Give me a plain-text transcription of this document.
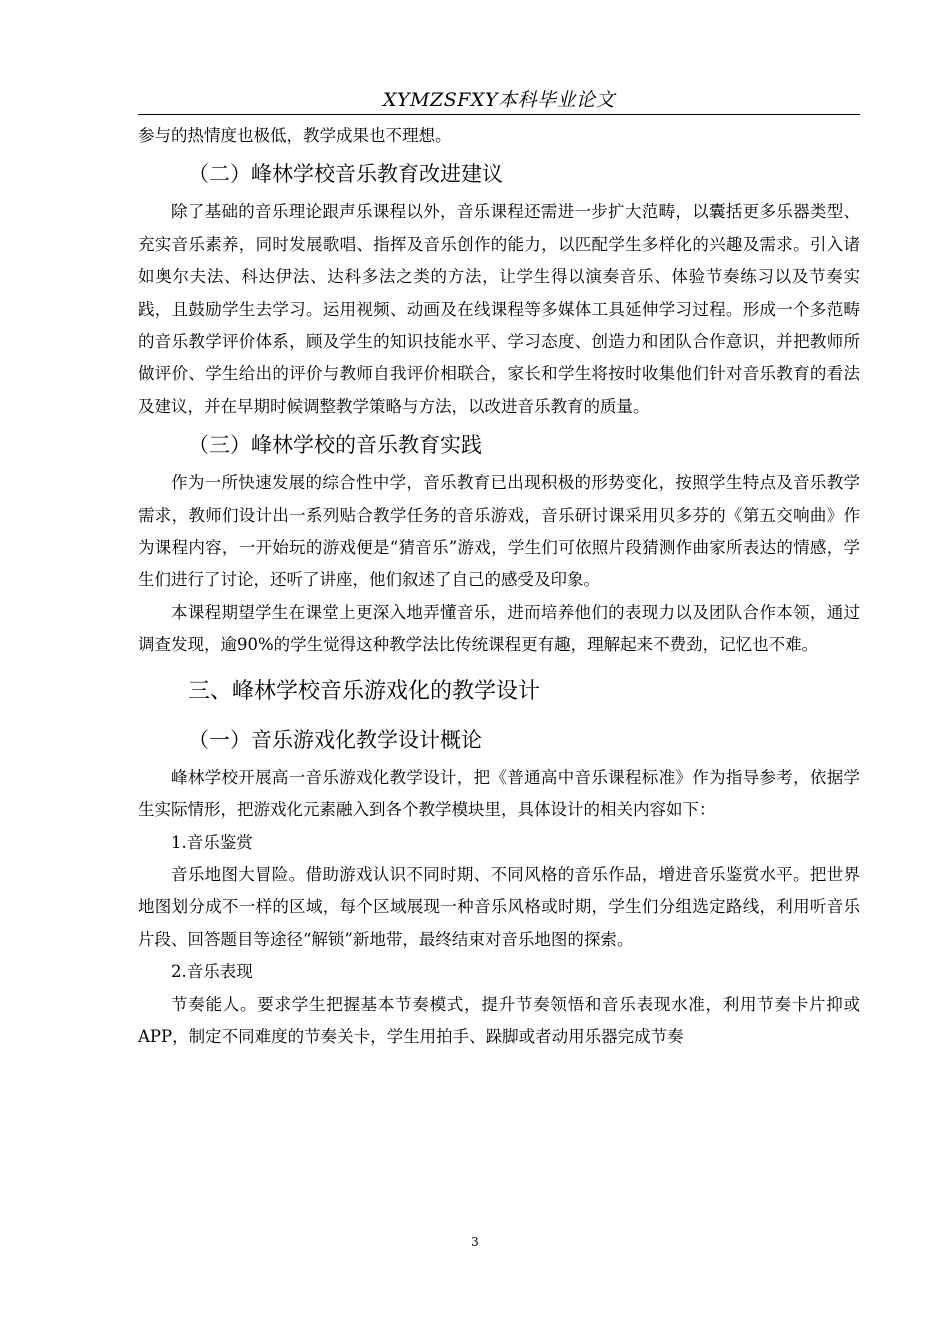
XYMZSFXY本科毕业论文

参与的热情度也极低，教学成果也不理想。

（二）峰林学校音乐教育改进建议

除了基础的音乐理论跟声乐课程以外，音乐课程还需进一步扩大范畴，以囊括更多乐器类型、充实音乐素养，同时发展歌唱、指挥及音乐创作的能力，以匹配学生多样化的兴趣及需求。引入诸如奥尔夫法、科达伊法、达科多法之类的方法，让学生得以演奏音乐、体验节奏练习以及节奏实践，且鼓励学生去学习。运用视频、动画及在线课程等多媒体工具延伸学习过程。形成一个多范畴的音乐教学评价体系，顾及学生的知识技能水平、学习态度、创造力和团队合作意识，并把教师所做评价、学生给出的评价与教师自我评价相联合，家长和学生将按时收集他们针对音乐教育的看法及建议，并在早期时候调整教学策略与方法，以改进音乐教育的质量。

（三）峰林学校的音乐教育实践

作为一所快速发展的综合性中学，音乐教育已出现积极的形势变化，按照学生特点及音乐教学需求，教师们设计出一系列贴合教学任务的音乐游戏，音乐研讨课采用贝多芬的《第五交响曲》作为课程内容，一开始玩的游戏便是“猜音乐”游戏，学生们可依照片段猜测作曲家所表达的情感，学生们进行了讨论，还听了讲座，他们叙述了自己的感受及印象。

本课程期望学生在课堂上更深入地弄懂音乐，进而培养他们的表现力以及团队合作本领，通过调查发现，逾90%的学生觉得这种教学法比传统课程更有趣，理解起来不费劲，记忆也不难。

三、峰林学校音乐游戏化的教学设计
（一）音乐游戏化教学设计概论

峰林学校开展高一音乐游戏化教学设计，把《普通高中音乐课程标准》作为指导参考，依据学生实际情形，把游戏化元素融入到各个教学模块里，具体设计的相关内容如下：

1.音乐鉴赏

音乐地图大冒险。借助游戏认识不同时期、不同风格的音乐作品，增进音乐鉴赏水平。把世界地图划分成不一样的区域，每个区域展现一种音乐风格或时期，学生们分组选定路线，利用听音乐片段、回答题目等途径“解锁”新地带，最终结束对音乐地图的探索。

2.音乐表现

节奏能人。要求学生把握基本节奏模式，提升节奏领悟和音乐表现水准，利用节奏卡片抑或APP，制定不同难度的节奏关卡，学生用拍手、跺脚或者动用乐器完成节奏

3
